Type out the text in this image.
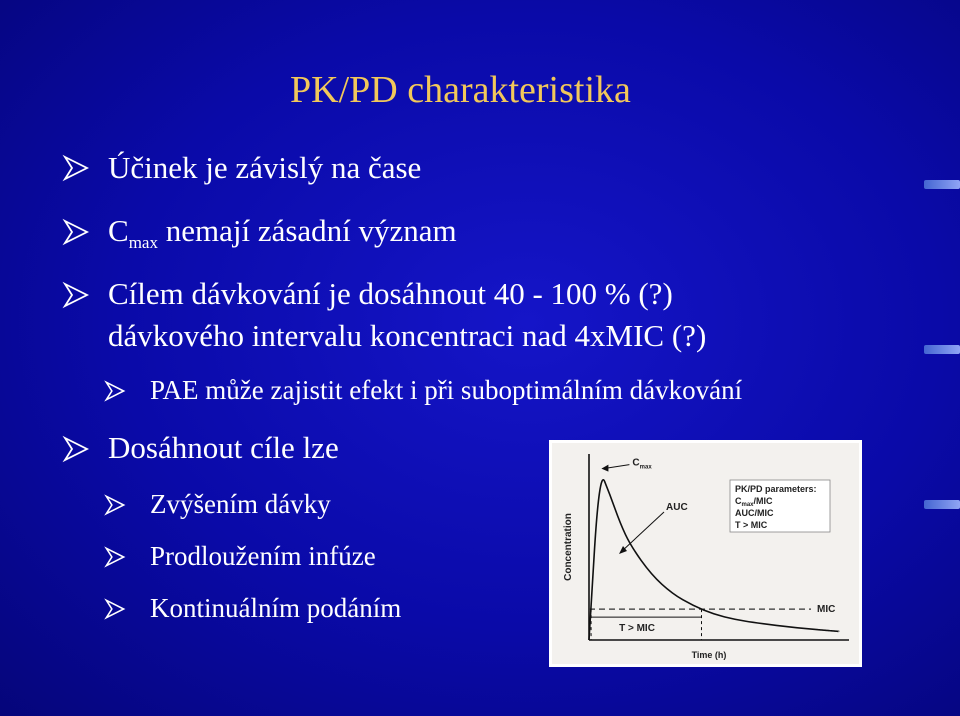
PK/PD charakteristika
Účinek je závislý na čase
$C_{max}$ nemají zásadní význam
Cílem dávkování je dosáhnout 40 - 100 % (?)
dávkového intervalu koncentraci nad 4xMIC (?)
PAE může zajistit efekt i při suboptimálním dávkování
Dosáhnout cíle lze
Zvýšením dávky
Prodloužením infúze
Kontinuálním podáním
Concentration
Time (h)
MIC
T > MIC
$C_{max}$
AUC
PK/PD parameters:
$C_{max}$/MIC
AUC/MIC
T > MIC
